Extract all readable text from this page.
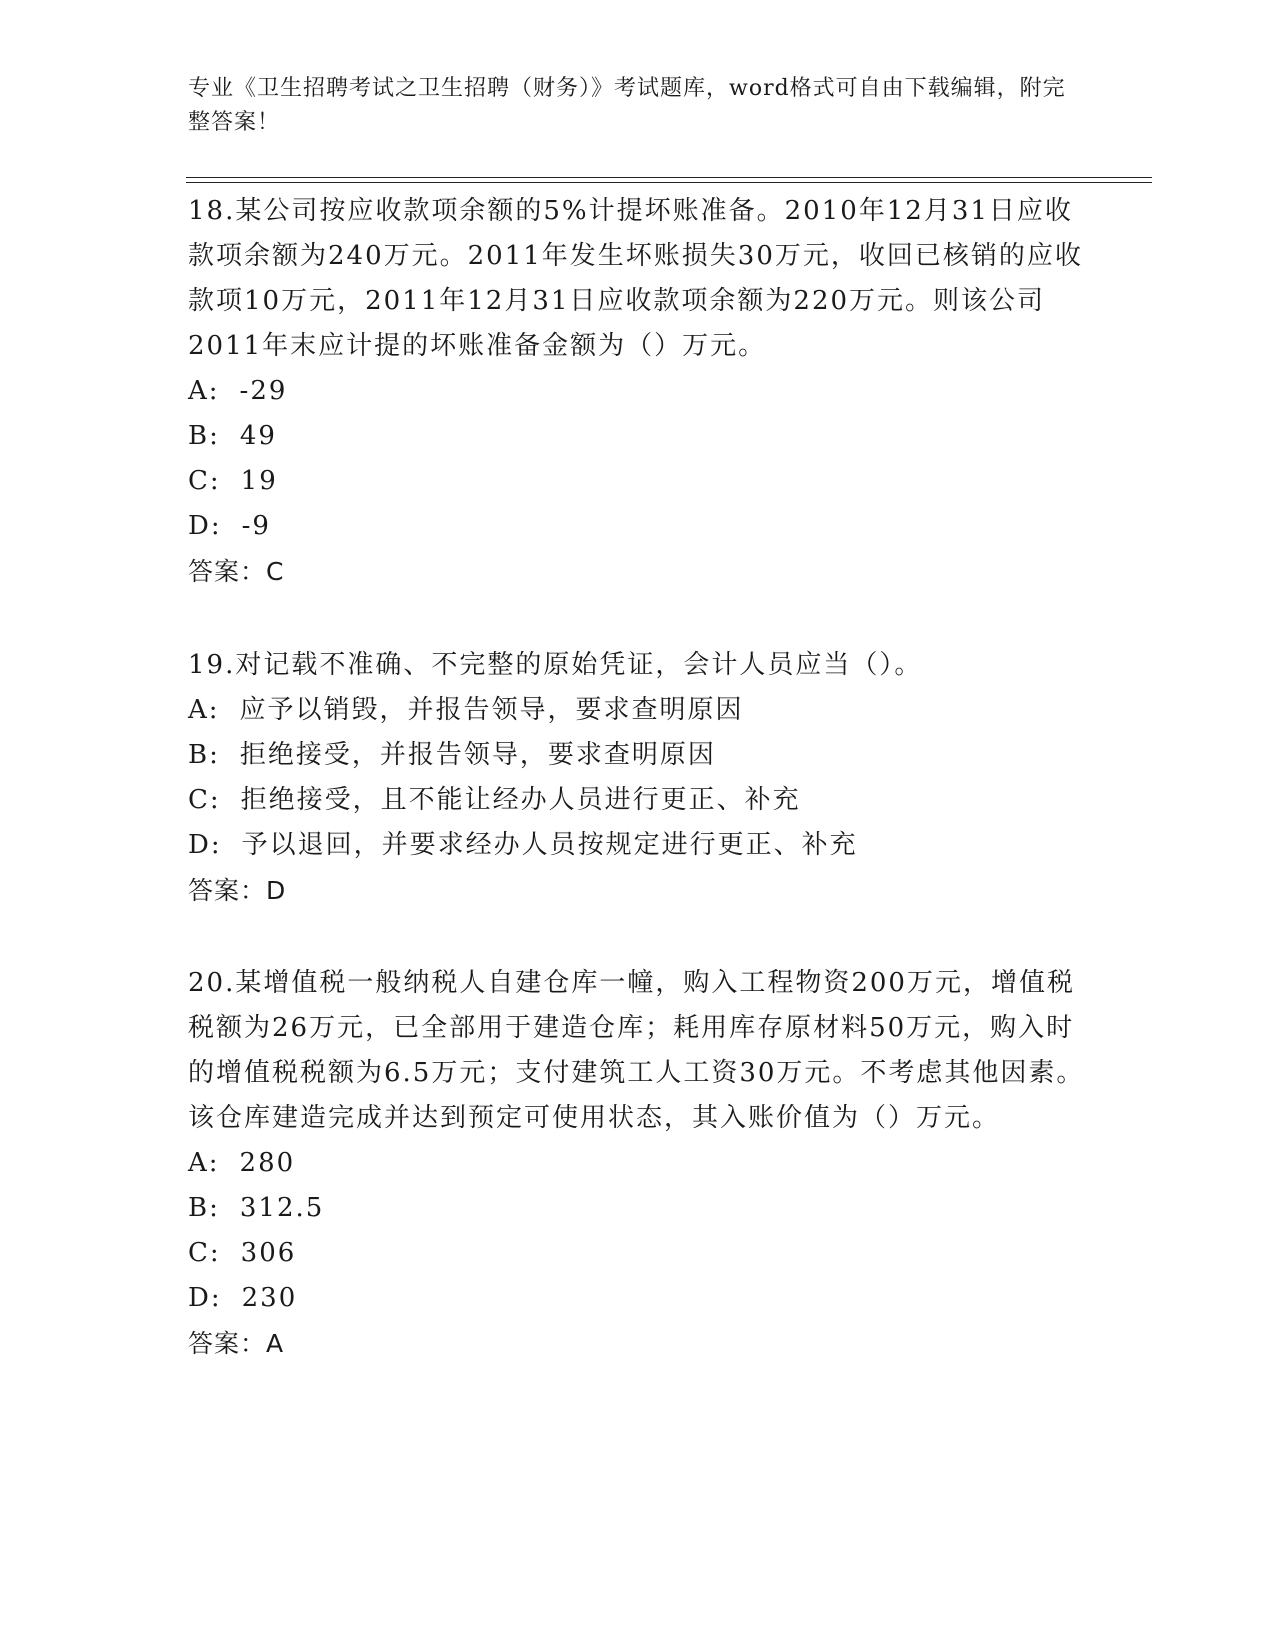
专业《卫生招聘考试之卫生招聘（财务）》考试题库，word格式可自由下载编辑，附完整答案！

18.某公司按应收款项余额的5%计提坏账准备。2010年12月31日应收款项余额为240万元。2011年发生坏账损失30万元，收回已核销的应收款项10万元，2011年12月31日应收款项余额为220万元。则该公司2011年末应计提的坏账准备金额为（）万元。

A: -29

B: 49

C: 19

D: -9

答案：C

19.对记载不准确、不完整的原始凭证，会计人员应当（）。

A: 应予以销毁，并报告领导，要求查明原因

B: 拒绝接受，并报告领导，要求查明原因

C: 拒绝接受，且不能让经办人员进行更正、补充

D: 予以退回，并要求经办人员按规定进行更正、补充

答案：D

20.某增值税一般纳税人自建仓库一幢，购入工程物资200万元，增值税税额为26万元，已全部用于建造仓库；耗用库存原材料50万元，购入时的增值税税额为6.5万元；支付建筑工人工资30万元。不考虑其他因素。该仓库建造完成并达到预定可使用状态，其入账价值为（）万元。

A: 280

B: 312.5

C: 306

D: 230

答案：A
